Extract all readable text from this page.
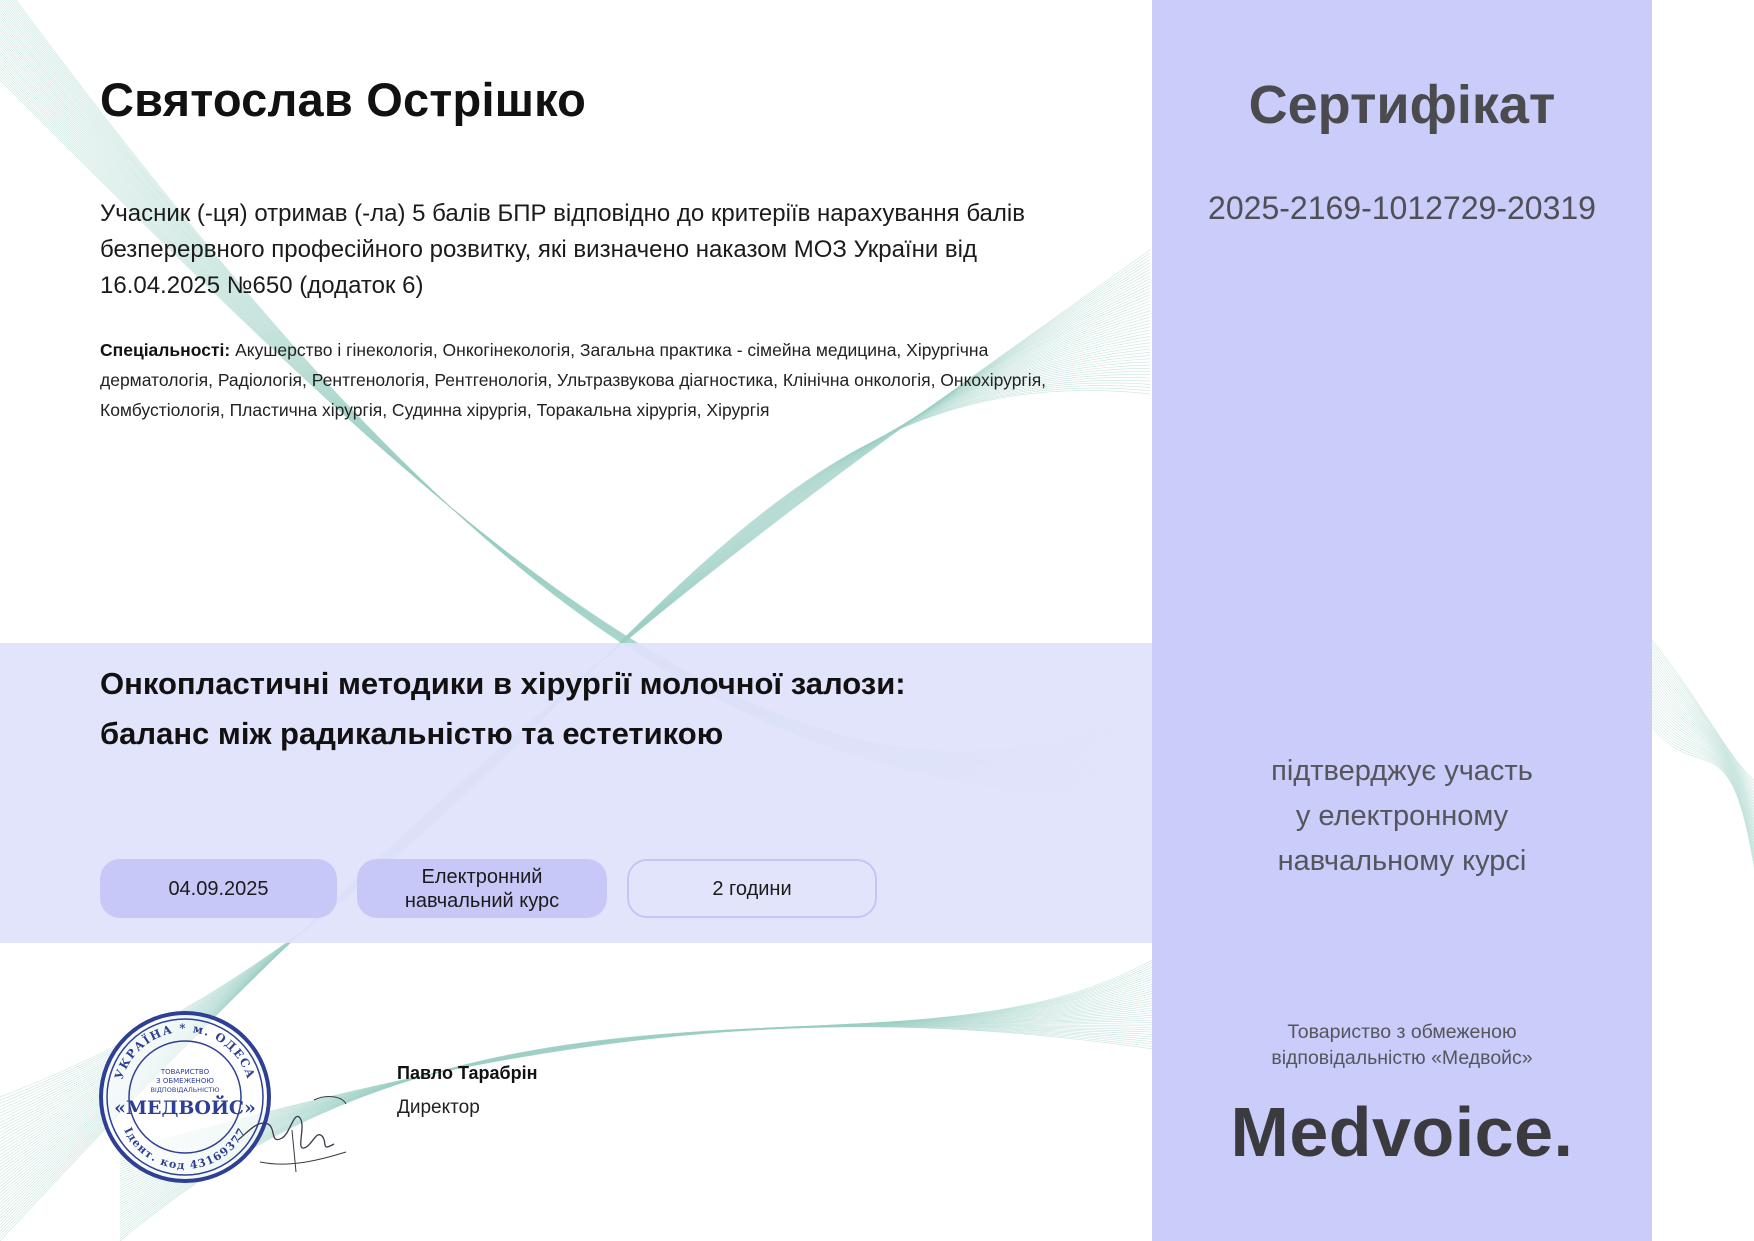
Святослав Острішко

Учасник (-ця) отримав (-ла) 5 балів БПР відповідно до критеріїв нарахування балів безперервного професійного розвитку, які визначено наказом МОЗ України від 16.04.2025 №650 (додаток 6)

Спеціальності: Акушерство і гінекологія, Онкогінекологія, Загальна практика - сімейна медицина, Хірургічна дерматологія, Радіологія, Рентгенологія, Рентгенологія, Ультразвукова діагностика, Клінічна онкологія, Онкохірургія, Комбустіологія, Пластична хірургія, Судинна хірургія, Торакальна хірургія, Хірургія

Онкопластичні методики в хірургії молочної залози:
баланс між радикальністю та естетикою
04.09.2025
Електронний
навчальний курс
2 години
УКРАЇНА * м. ОДЕСА
Ідент. код 43169377
ТОВАРИСТВО
З ОБМЕЖЕНОЮ
ВІДПОВІДАЛЬНІСТЮ
«МЕДВОЙС»

Павло Тарабрін

Директор

Сертифікат

2025-2169-1012729-20319

підтверджує участь
у електронному
навчальному курсі

Товариство з обмеженою
відповідальністю «Медвойс»

Medvoice.
